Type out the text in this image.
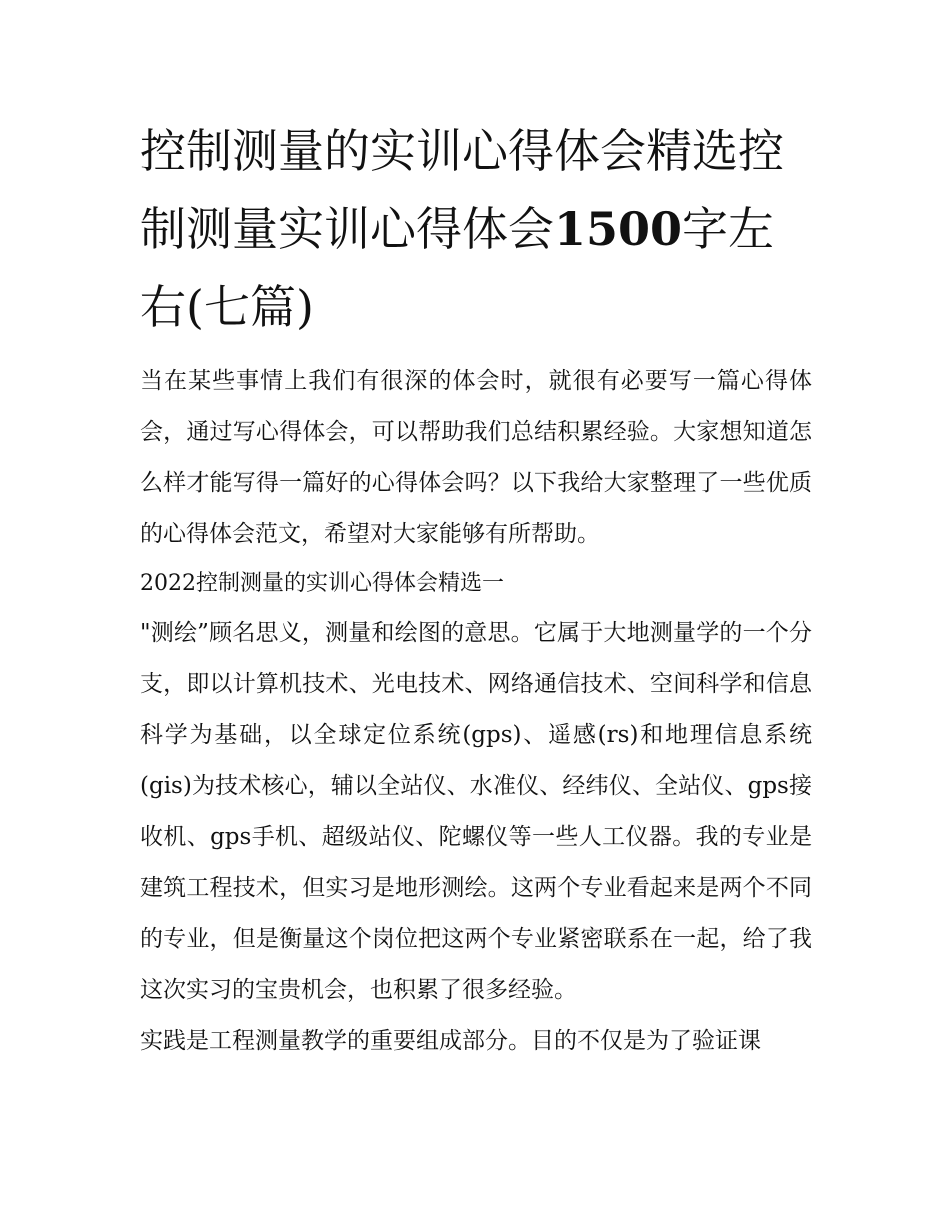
控制测量的实训心得体会精选控制测量实训心得体会1500字左右(七篇)

当在某些事情上我们有很深的体会时，就很有必要写一篇心得体会，通过写心得体会，可以帮助我们总结积累经验。大家想知道怎么样才能写得一篇好的心得体会吗？以下我给大家整理了一些优质的心得体会范文，希望对大家能够有所帮助。

2022控制测量的实训心得体会精选一

"测绘”顾名思义，测量和绘图的意思。它属于大地测量学的一个分支，即以计算机技术、光电技术、网络通信技术、空间科学和信息科学为基础，以全球定位系统(gps)、遥感(rs)和地理信息系统(gis)为技术核心，辅以全站仪、水准仪、经纬仪、全站仪、gps接收机、gps手机、超级站仪、陀螺仪等一些人工仪器。我的专业是建筑工程技术，但实习是地形测绘。这两个专业看起来是两个不同的专业，但是衡量这个岗位把这两个专业紧密联系在一起，给了我这次实习的宝贵机会，也积累了很多经验。

实践是工程测量教学的重要组成部分。目的不仅是为了验证课
